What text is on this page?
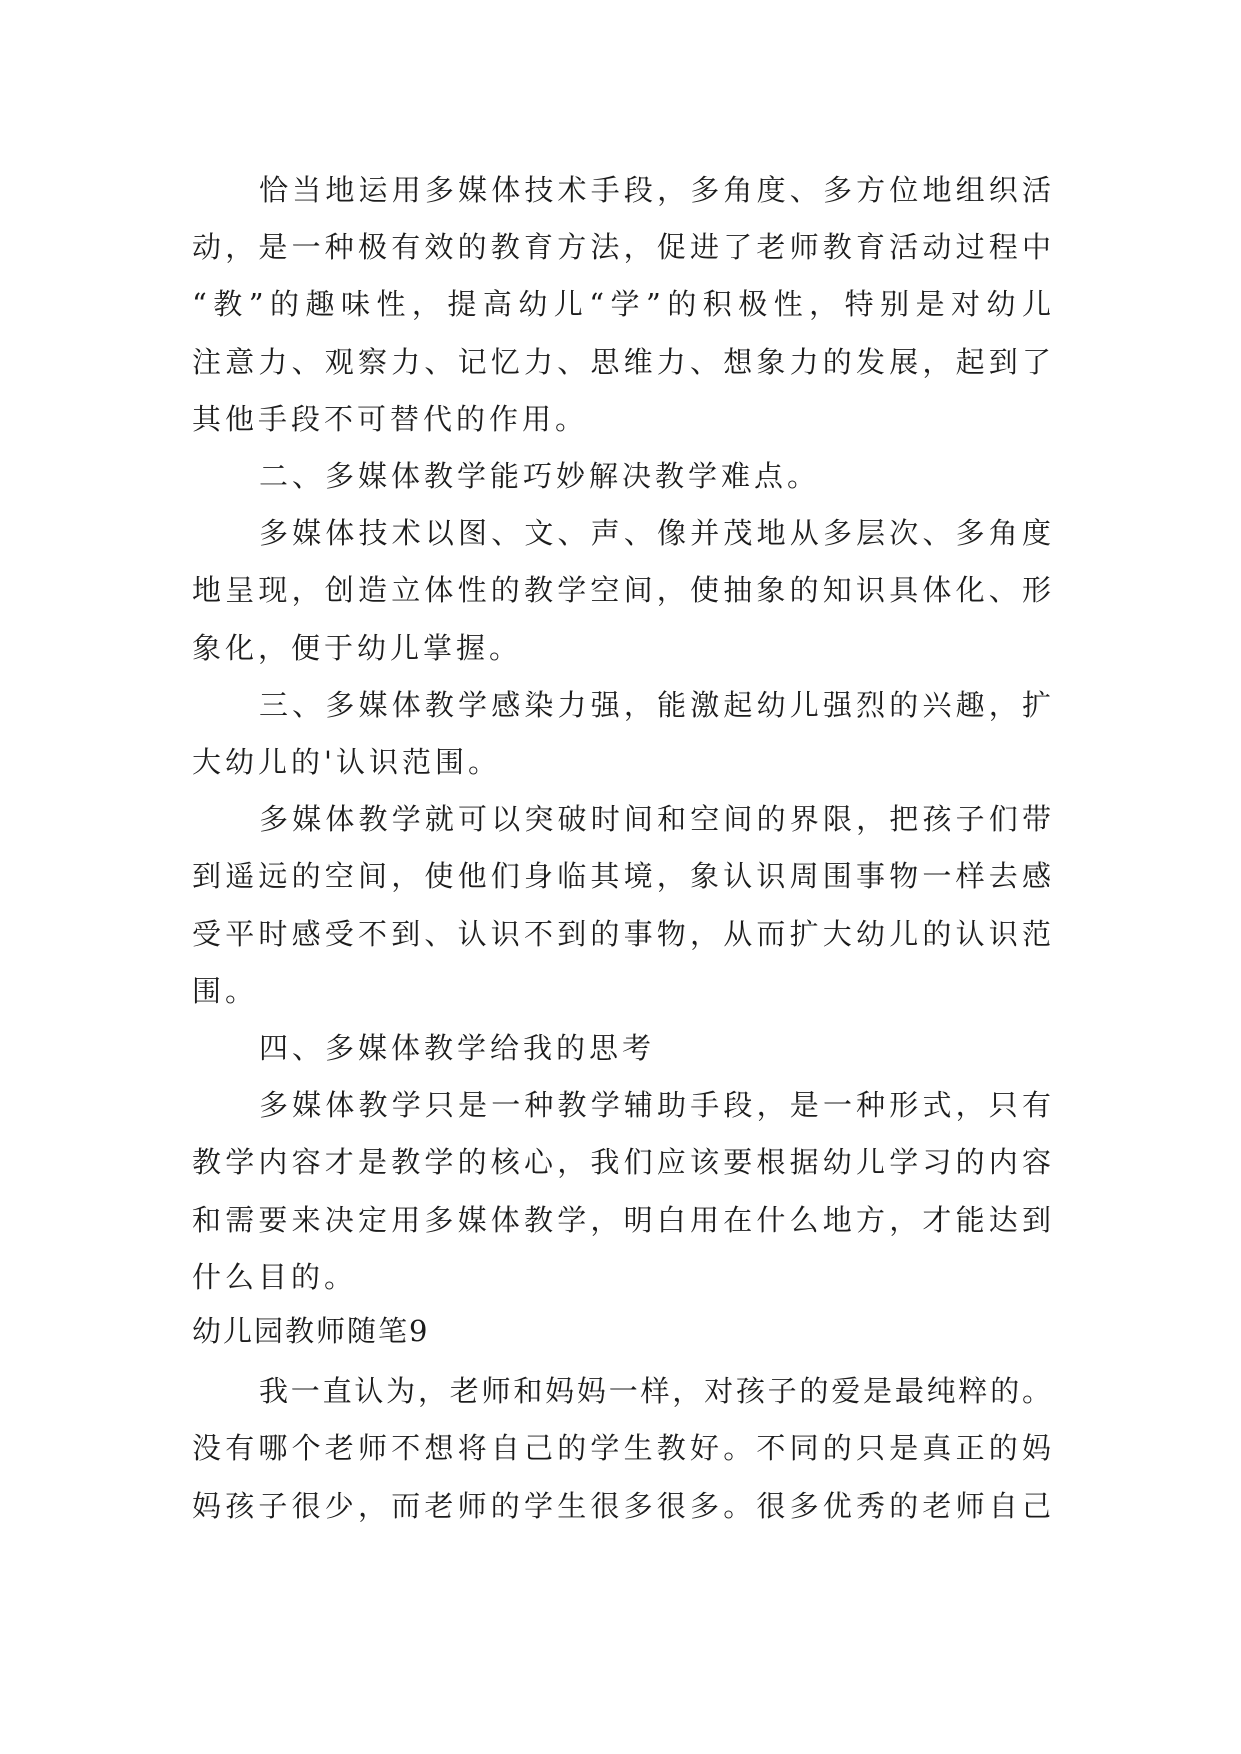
恰当地运用多媒体技术手段，多角度、多方位地组织活
动，是一种极有效的教育方法，促进了老师教育活动过程中
“教”的趣味性，提高幼儿“学”的积极性，特别是对幼儿
注意力、观察力、记忆力、思维力、想象力的发展，起到了
其他手段不可替代的作用。
二、多媒体教学能巧妙解决教学难点。
多媒体技术以图、文、声、像并茂地从多层次、多角度
地呈现，创造立体性的教学空间，使抽象的知识具体化、形
象化，便于幼儿掌握。
三、多媒体教学感染力强，能激起幼儿强烈的兴趣，扩
大幼儿的'认识范围。
多媒体教学就可以突破时间和空间的界限，把孩子们带
到遥远的空间，使他们身临其境，象认识周围事物一样去感
受平时感受不到、认识不到的事物，从而扩大幼儿的认识范
围。
四、多媒体教学给我的思考
多媒体教学只是一种教学辅助手段，是一种形式，只有
教学内容才是教学的核心，我们应该要根据幼儿学习的内容
和需要来决定用多媒体教学，明白用在什么地方，才能达到
什么目的。
幼儿园教师随笔9
我一直认为，老师和妈妈一样，对孩子的爱是最纯粹的。
没有哪个老师不想将自己的学生教好。不同的只是真正的妈
妈孩子很少，而老师的学生很多很多。很多优秀的老师自己
